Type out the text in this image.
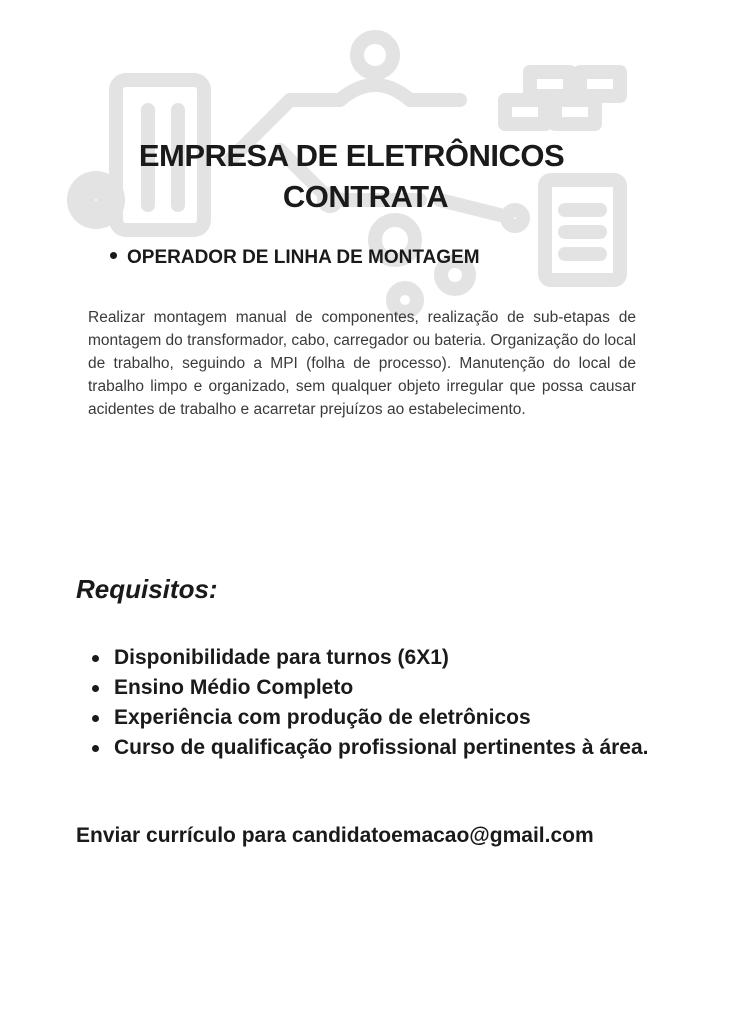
EMPRESA DE ELETRÔNICOS
CONTRATA
OPERADOR DE LINHA DE MONTAGEM
Realizar montagem manual de componentes, realização de sub-etapas de montagem do transformador, cabo, carregador ou bateria. Organização do local de trabalho, seguindo a MPI (folha de processo). Manutenção do local de trabalho limpo e organizado, sem qualquer objeto irregular que possa causar acidentes de trabalho e acarretar prejuízos ao estabelecimento.
Requisitos:
Disponibilidade para turnos (6X1)
Ensino Médio Completo
Experiência com produção de eletrônicos
Curso de qualificação profissional pertinentes à área.
Enviar currículo para candidatoemacao@gmail.com
